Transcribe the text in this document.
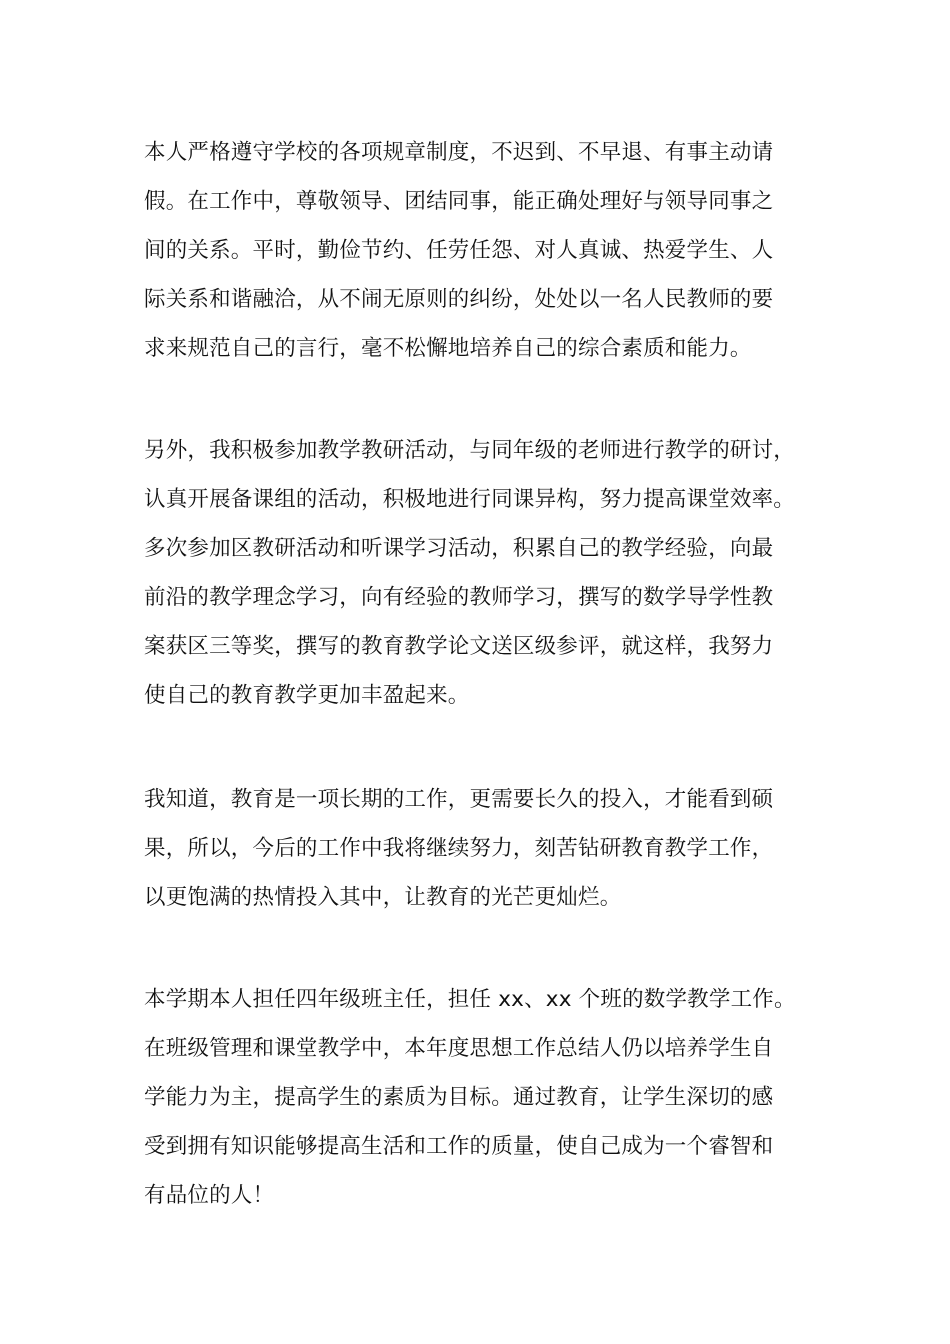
本人严格遵守学校的各项规章制度，不迟到、不早退、有事主动请
假。在工作中，尊敬领导、团结同事，能正确处理好与领导同事之
间的关系。平时，勤俭节约、任劳任怨、对人真诚、热爱学生、人
际关系和谐融洽，从不闹无原则的纠纷，处处以一名人民教师的要
求来规范自己的言行，毫不松懈地培养自己的综合素质和能力。
另外，我积极参加教学教研活动，与同年级的老师进行教学的研讨，
认真开展备课组的活动，积极地进行同课异构，努力提高课堂效率。
多次参加区教研活动和听课学习活动，积累自己的教学经验，向最
前沿的教学理念学习，向有经验的教师学习，撰写的数学导学性教
案获区三等奖，撰写的教育教学论文送区级参评，就这样，我努力
使自己的教育教学更加丰盈起来。
我知道，教育是一项长期的工作，更需要长久的投入，才能看到硕
果，所以，今后的工作中我将继续努力，刻苦钻研教育教学工作，
以更饱满的热情投入其中，让教育的光芒更灿烂。
本学期本人担任四年级班主任，担任 xx、xx 个班的数学教学工作。
在班级管理和课堂教学中，本年度思想工作总结人仍以培养学生自
学能力为主，提高学生的素质为目标。通过教育，让学生深切的感
受到拥有知识能够提高生活和工作的质量，使自己成为一个睿智和
有品位的人！
